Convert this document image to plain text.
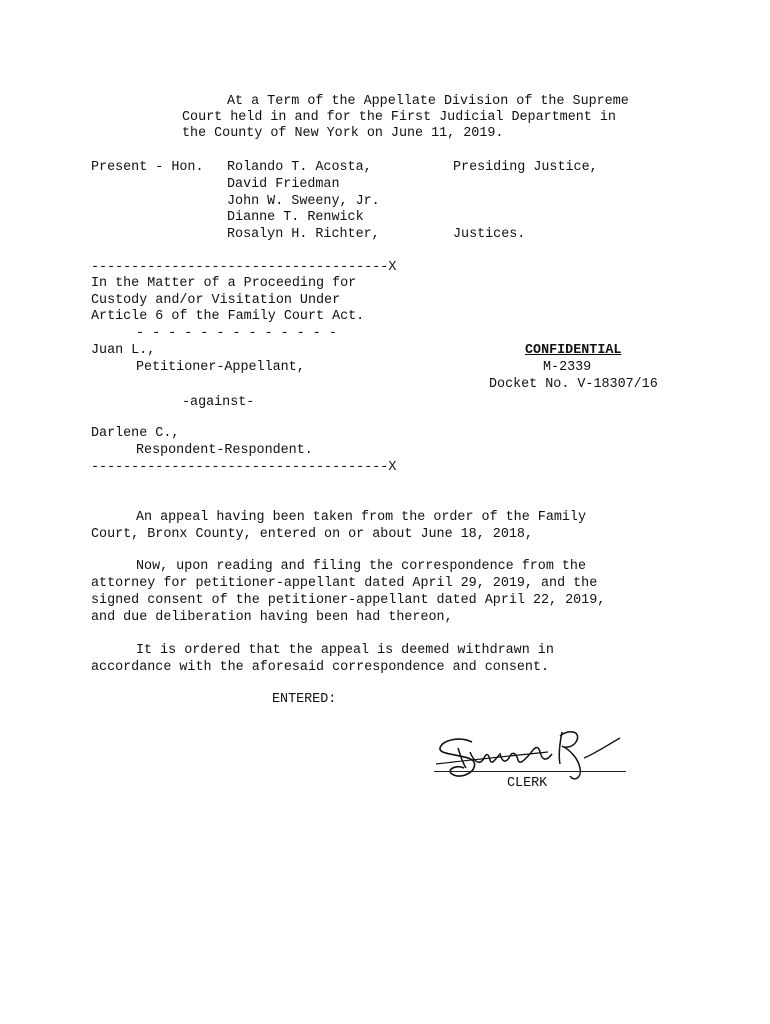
At a Term of the Appellate Division of the Supreme
Court held in and for the First Judicial Department in
the County of New York on June 11, 2019.
Present - Hon. Rolando T. Acosta,	Presiding Justice,
David Friedman
John W. Sweeny, Jr.
Dianne T. Renwick
Rosalyn H. Richter,	Justices.
-------------------------------------X
In the Matter of a Proceeding for
Custody and/or Visitation Under
Article 6 of the Family Court Act.
- - - - - - - - - - - - -
Juan L.,	CONFIDENTIAL
Petitioner-Appellant,	M-2339
Docket No. V-18307/16
-against-
Darlene C.,
Respondent-Respondent.
-------------------------------------X
An appeal having been taken from the order of the Family
Court, Bronx County, entered on or about June 18, 2018,
Now, upon reading and filing the correspondence from the
attorney for petitioner-appellant dated April 29, 2019, and the
signed consent of the petitioner-appellant dated April 22, 2019,
and due deliberation having been had thereon,
It is ordered that the appeal is deemed withdrawn in
accordance with the aforesaid correspondence and consent.
ENTERED:
CLERK
